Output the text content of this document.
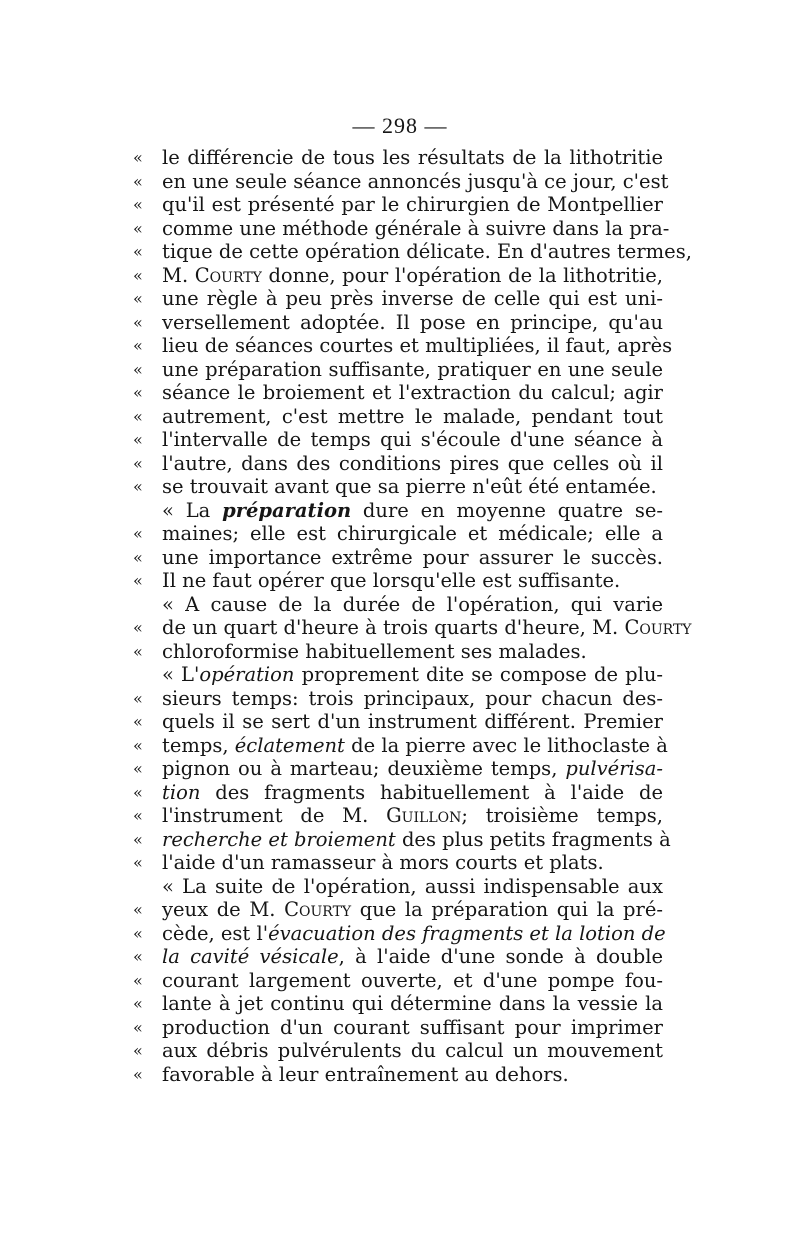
— 298 —
« le différencie de tous les résultats de la lithotritie
« en une seule séance annoncés jusqu'à ce jour, c'est
« qu'il est présenté par le chirurgien de Montpellier
« comme une méthode générale à suivre dans la pra-
« tique de cette opération délicate. En d'autres termes,
« M. Courty donne, pour l'opération de la lithotritie,
« une règle à peu près inverse de celle qui est uni-
« versellement adoptée. Il pose en principe, qu'au
« lieu de séances courtes et multipliées, il faut, après
« une préparation suffisante, pratiquer en une seule
« séance le broiement et l'extraction du calcul; agir
« autrement, c'est mettre le malade, pendant tout
« l'intervalle de temps qui s'écoule d'une séance à
« l'autre, dans des conditions pires que celles où il
« se trouvait avant que sa pierre n'eût été entamée.
« La préparation dure en moyenne quatre se-
« maines; elle est chirurgicale et médicale; elle a
« une importance extrême pour assurer le succès.
« Il ne faut opérer que lorsqu'elle est suffisante.
« A cause de la durée de l'opération, qui varie
« de un quart d'heure à trois quarts d'heure, M. Courty
« chloroformise habituellement ses malades.
« L'opération proprement dite se compose de plu-
« sieurs temps: trois principaux, pour chacun des-
« quels il se sert d'un instrument différent. Premier
« temps, éclatement de la pierre avec le lithoclaste à
« pignon ou à marteau; deuxième temps, pulvérisa-
« tion des fragments habituellement à l'aide de
« l'instrument de M. Guillon; troisième temps,
« recherche et broiement des plus petits fragments à
« l'aide d'un ramasseur à mors courts et plats.
« La suite de l'opération, aussi indispensable aux
« yeux de M. Courty que la préparation qui la pré-
« cède, est l'évacuation des fragments et la lotion de
« la cavité vésicale, à l'aide d'une sonde à double
« courant largement ouverte, et d'une pompe fou-
« lante à jet continu qui détermine dans la vessie la
« production d'un courant suffisant pour imprimer
« aux débris pulvérulents du calcul un mouvement
« favorable à leur entraînement au dehors.
